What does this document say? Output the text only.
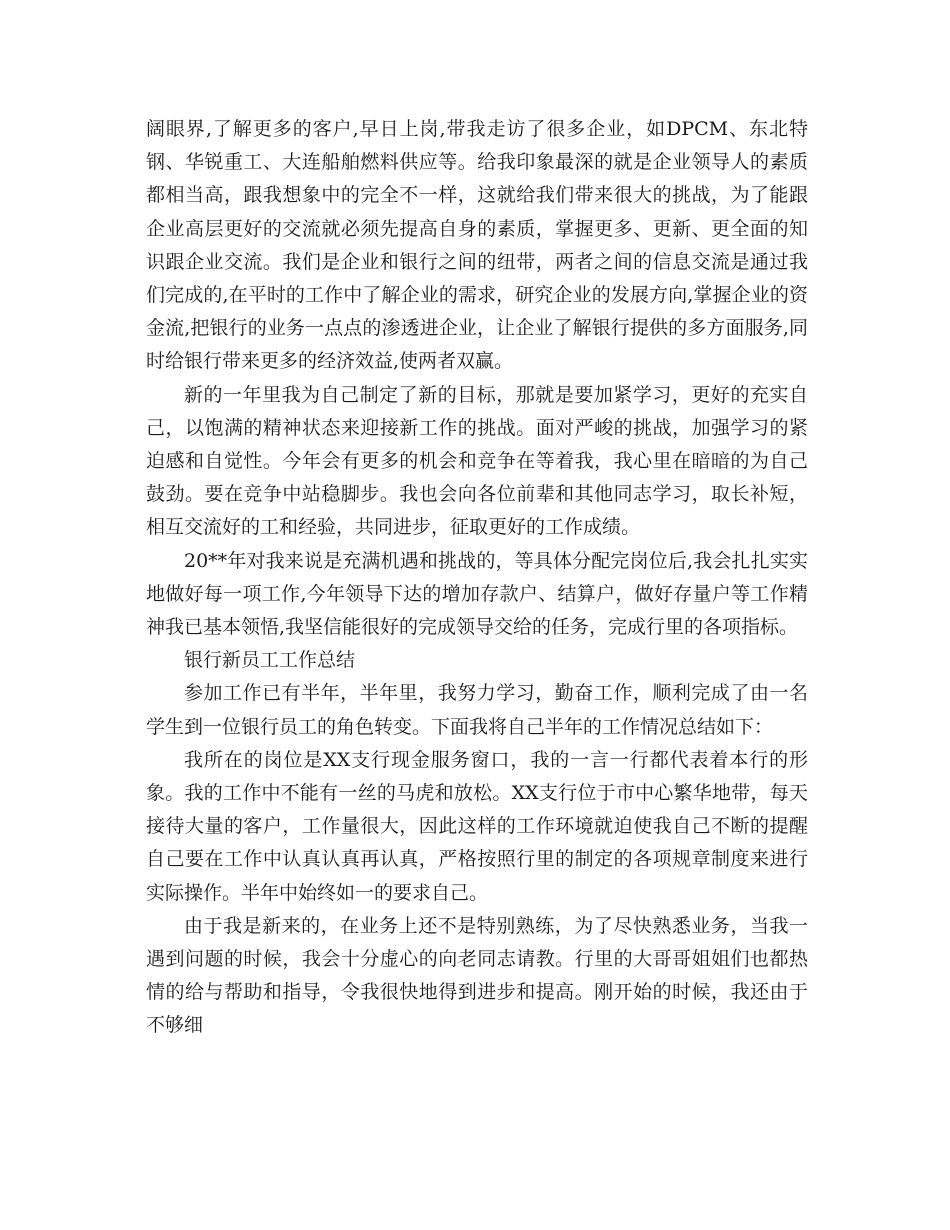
阔眼界,了解更多的客户,早日上岗,带我走访了很多企业，如DPCM、东北特钢、华锐重工、大连船舶燃料供应等。给我印象最深的就是企业领导人的素质都相当高，跟我想象中的完全不一样，这就给我们带来很大的挑战，为了能跟企业高层更好的交流就必须先提高自身的素质，掌握更多、更新、更全面的知识跟企业交流。我们是企业和银行之间的纽带，两者之间的信息交流是通过我们完成的,在平时的工作中了解企业的需求，研究企业的发展方向,掌握企业的资金流,把银行的业务一点点的渗透进企业，让企业了解银行提供的多方面服务,同时给银行带来更多的经济效益,使两者双赢。

新的一年里我为自己制定了新的目标，那就是要加紧学习，更好的充实自己，以饱满的精神状态来迎接新工作的挑战。面对严峻的挑战，加强学习的紧迫感和自觉性。今年会有更多的机会和竞争在等着我，我心里在暗暗的为自己鼓劲。要在竞争中站稳脚步。我也会向各位前辈和其他同志学习，取长补短，相互交流好的工和经验，共同进步，征取更好的工作成绩。

20**年对我来说是充满机遇和挑战的，等具体分配完岗位后,我会扎扎实实地做好每一项工作,今年领导下达的增加存款户、结算户，做好存量户等工作精神我已基本领悟,我坚信能很好的完成领导交给的任务，完成行里的各项指标。

银行新员工工作总结

参加工作已有半年，半年里，我努力学习，勤奋工作，顺利完成了由一名学生到一位银行员工的角色转变。下面我将自己半年的工作情况总结如下：

我所在的岗位是XX支行现金服务窗口，我的一言一行都代表着本行的形象。我的工作中不能有一丝的马虎和放松。XX支行位于市中心繁华地带，每天接待大量的客户，工作量很大，因此这样的工作环境就迫使我自己不断的提醒自己要在工作中认真认真再认真，严格按照行里的制定的各项规章制度来进行实际操作。半年中始终如一的要求自己。

由于我是新来的，在业务上还不是特别熟练，为了尽快熟悉业务，当我一遇到问题的时候，我会十分虚心的向老同志请教。行里的大哥哥姐姐们也都热情的给与帮助和指导，令我很快地得到进步和提高。刚开始的时候，我还由于不够细
